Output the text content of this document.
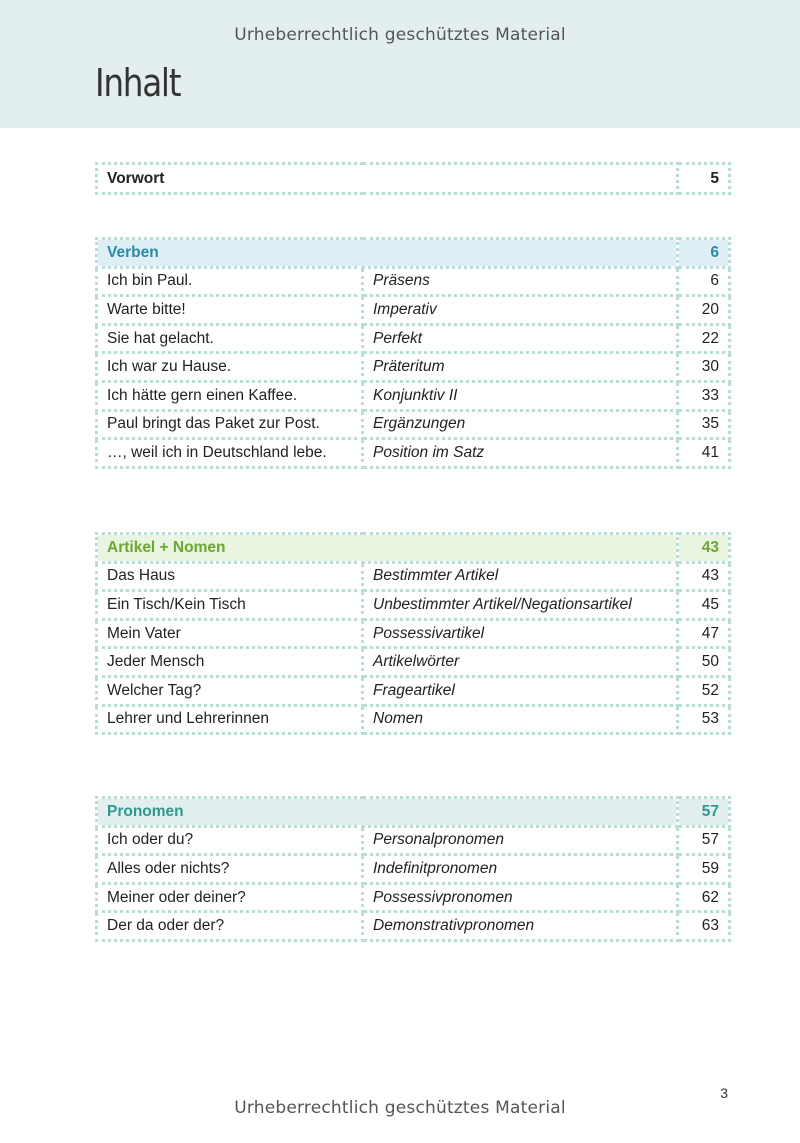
Urheberrechtlich geschütztes Material
Inhalt
Vorwort	5
Verben		6
Ich bin Paul.	Präsens	6
Warte bitte!	Imperativ	20
Sie hat gelacht.	Perfekt	22
Ich war zu Hause.	Präteritum	30
Ich hätte gern einen Kaffee.	Konjunktiv II	33
Paul bringt das Paket zur Post.	Ergänzungen	35
…, weil ich in Deutschland lebe.	Position im Satz	41
Artikel + Nomen		43
Das Haus	Bestimmter Artikel	43
Ein Tisch/Kein Tisch	Unbestimmter Artikel/Negationsartikel	45
Mein Vater	Possessivartikel	47
Jeder Mensch	Artikelwörter	50
Welcher Tag?	Frageartikel	52
Lehrer und Lehrerinnen	Nomen	53
Pronomen		57
Ich oder du?	Personalpronomen	57
Alles oder nichts?	Indefinitpronomen	59
Meiner oder deiner?	Possessivpronomen	62
Der da oder der?	Demonstrativpronomen	63
3
Urheberrechtlich geschütztes Material
